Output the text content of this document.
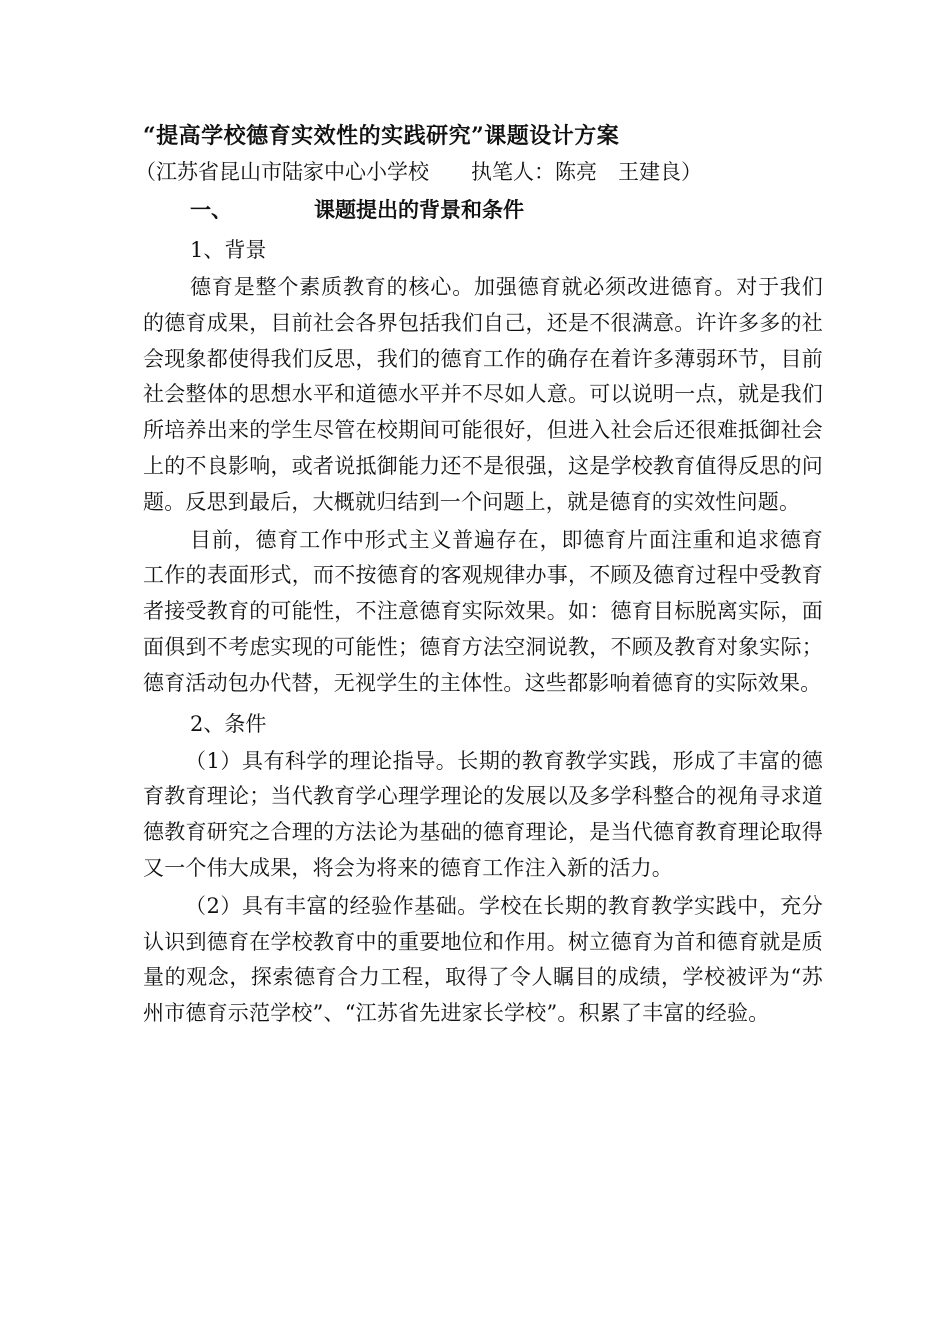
“提高学校德育实效性的实践研究”课题设计方案
（江苏省昆山市陆家中心小学校　　执笔人：陈亮　王建良）
一、	课题提出的背景和条件
1、背景

德育是整个素质教育的核心。加强德育就必须改进德育。对于我们的德育成果，目前社会各界包括我们自己，还是不很满意。许许多多的社会现象都使得我们反思，我们的德育工作的确存在着许多薄弱环节，目前社会整体的思想水平和道德水平并不尽如人意。可以说明一点，就是我们所培养出来的学生尽管在校期间可能很好，但进入社会后还很难抵御社会上的不良影响，或者说抵御能力还不是很强，这是学校教育值得反思的问题。反思到最后，大概就归结到一个问题上，就是德育的实效性问题。

目前，德育工作中形式主义普遍存在，即德育片面注重和追求德育工作的表面形式，而不按德育的客观规律办事，不顾及德育过程中受教育者接受教育的可能性，不注意德育实际效果。如：德育目标脱离实际，面面俱到不考虑实现的可能性；德育方法空洞说教，不顾及教育对象实际；德育活动包办代替，无视学生的主体性。这些都影响着德育的实际效果。

2、条件

（1）具有科学的理论指导。长期的教育教学实践，形成了丰富的德育教育理论；当代教育学心理学理论的发展以及多学科整合的视角寻求道德教育研究之合理的方法论为基础的德育理论，是当代德育教育理论取得又一个伟大成果，将会为将来的德育工作注入新的活力。

（2）具有丰富的经验作基础。学校在长期的教育教学实践中，充分认识到德育在学校教育中的重要地位和作用。树立德育为首和德育就是质量的观念，探索德育合力工程，取得了令人瞩目的成绩，学校被评为“苏州市德育示范学校”、“江苏省先进家长学校”。积累了丰富的经验。
